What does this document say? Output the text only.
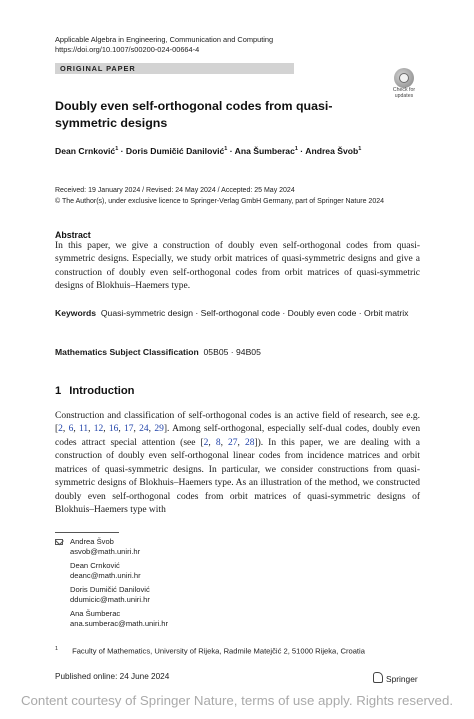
Applicable Algebra in Engineering, Communication and Computing
https://doi.org/10.1007/s00200-024-00664-4
ORIGINAL PAPER
Check for
updates
Doubly even self-orthogonal codes from quasi-symmetric designs
Dean Crnković$^1$ · Doris Dumičić Danilović$^1$ · Ana Šumberac$^1$ · Andrea Švob$^1$
Received: 19 January 2024 / Revised: 24 May 2024 / Accepted: 25 May 2024
© The Author(s), under exclusive licence to Springer-Verlag GmbH Germany, part of Springer Nature 2024
Abstract
In this paper, we give a construction of doubly even self-orthogonal codes from quasi-symmetric designs. Especially, we study orbit matrices of quasi-symmetric designs and give a construction of doubly even self-orthogonal codes from orbit matrices of quasi-symmetric designs of Blokhuis–Haemers type.
Keywords Quasi-symmetric design · Self-orthogonal code · Doubly even code · Orbit matrix
Mathematics Subject Classification 05B05 · 94B05
1 Introduction
Construction and classification of self-orthogonal codes is an active field of research, see e.g. [2, 6, 11, 12, 16, 17, 24, 29]. Among self-orthogonal, especially self-dual codes, doubly even codes attract special attention (see [2, 8, 27, 28]). In this paper, we are dealing with a construction of doubly even self-orthogonal linear codes from incidence matrices and orbit matrices of quasi-symmetric designs. In particular, we consider constructions from quasi-symmetric designs of Blokhuis–Haemers type. As an illustration of the method, we constructed doubly even self-orthogonal codes from orbit matrices of quasi-symmetric designs of Blokhuis–Haemers type with
Andrea Švob
asvob@math.uniri.hr
Dean Crnković
deanc@math.uniri.hr
Doris Dumičić Danilović
ddumicic@math.uniri.hr
Ana Šumberac
ana.sumberac@math.uniri.hr
$^1$ Faculty of Mathematics, University of Rijeka, Radmile Matejčić 2, 51000 Rijeka, Croatia
Published online: 24 June 2024	Springer
Content courtesy of Springer Nature, terms of use apply. Rights reserved.
